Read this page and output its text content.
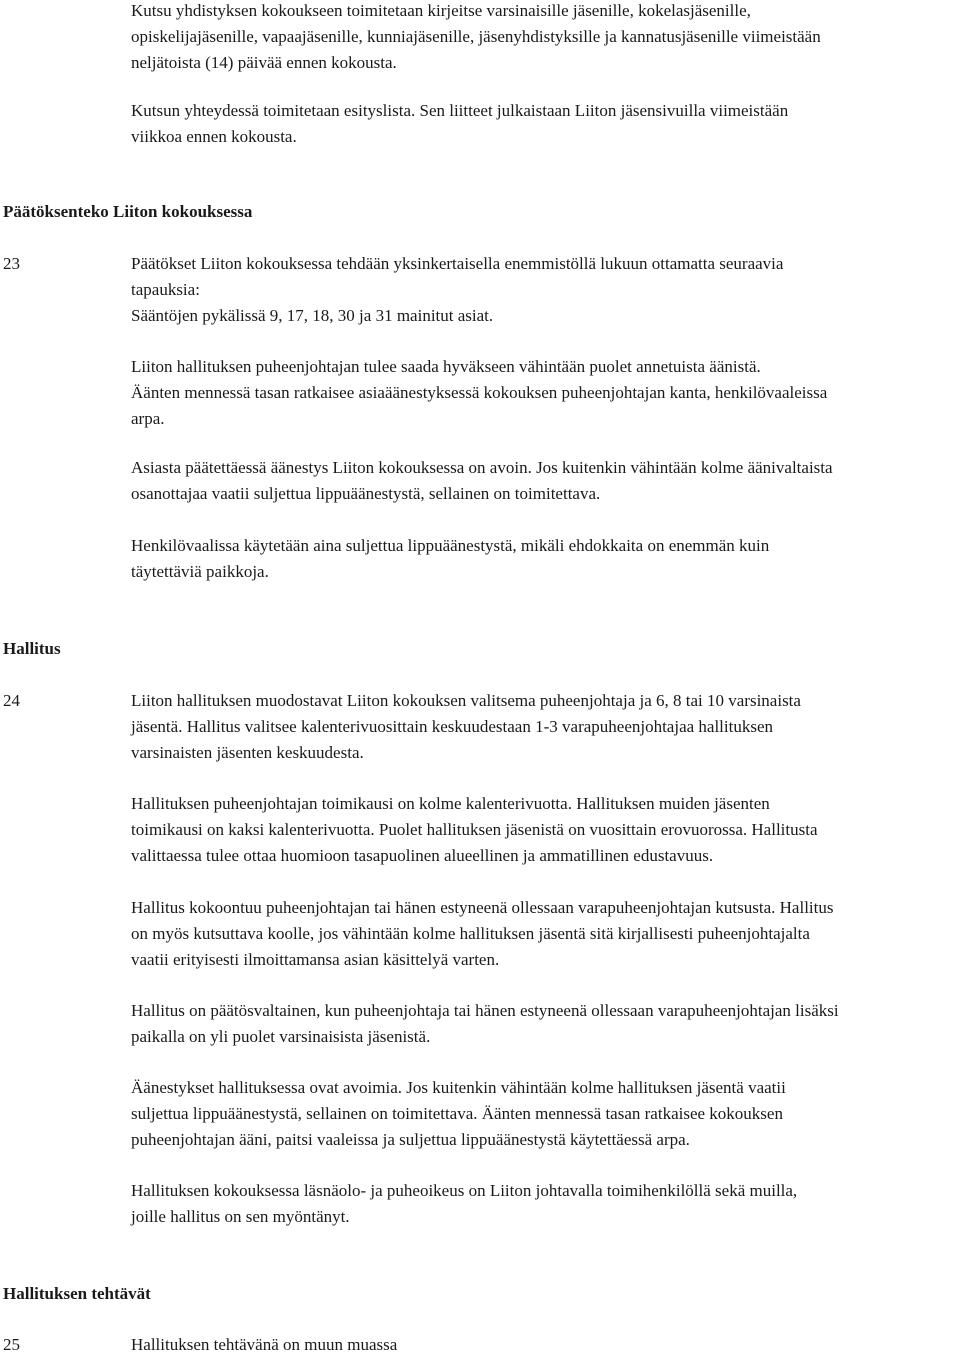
Kutsu yhdistyksen kokoukseen toimitetaan kirjeitse varsinaisille jäsenille, kokelasjäsenille,
opiskelijajäsenille, vapaajäsenille, kunniajäsenille, jäsenyhdistyksille ja kannatusjäsenille viimeistään
neljätoista (14) päivää ennen kokousta.
Kutsun yhteydessä toimitetaan esityslista. Sen liitteet julkaistaan Liiton jäsensivuilla viimeistään
viikkoa ennen kokousta.
Päätöksenteko Liiton kokouksessa
23	Päätökset Liiton kokouksessa tehdään yksinkertaisella enemmistöllä lukuun ottamatta seuraavia
tapauksia:
Sääntöjen pykälissä 9, 17, 18, 30 ja 31 mainitut asiat.
Liiton hallituksen puheenjohtajan tulee saada hyväkseen vähintään puolet annetuista äänistä.
Äänten mennessä tasan ratkaisee asiaäänestyksessä kokouksen puheenjohtajan kanta, henkilövaaleissa
arpa.
Asiasta päätettäessä äänestys Liiton kokouksessa on avoin. Jos kuitenkin vähintään kolme äänivaltaista
osanottajaa vaatii suljettua lippuäänestystä, sellainen on toimitettava.
Henkilövaalissa käytetään aina suljettua lippuäänestystä, mikäli ehdokkaita on enemmän kuin
täytettäviä paikkoja.
Hallitus
24	Liiton hallituksen muodostavat Liiton kokouksen valitsema puheenjohtaja ja 6, 8 tai 10 varsinaista
jäsentä. Hallitus valitsee kalenterivuosittain keskuudestaan 1-3 varapuheenjohtajaa hallituksen
varsinaisten jäsenten keskuudesta.
Hallituksen puheenjohtajan toimikausi on kolme kalenterivuotta. Hallituksen muiden jäsenten
toimikausi on kaksi kalenterivuotta. Puolet hallituksen jäsenistä on vuosittain erovuorossa. Hallitusta
valittaessa tulee ottaa huomioon tasapuolinen alueellinen ja ammatillinen edustavuus.
Hallitus kokoontuu puheenjohtajan tai hänen estyneenä ollessaan varapuheenjohtajan kutsusta. Hallitus
on myös kutsuttava koolle, jos vähintään kolme hallituksen jäsentä sitä kirjallisesti puheenjohtajalta
vaatii erityisesti ilmoittamansa asian käsittelyä varten.
Hallitus on päätösvaltainen, kun puheenjohtaja tai hänen estyneenä ollessaan varapuheenjohtajan lisäksi
paikalla on yli puolet varsinaisista jäsenistä.
Äänestykset hallituksessa ovat avoimia. Jos kuitenkin vähintään kolme hallituksen jäsentä vaatii
suljettua lippuäänestystä, sellainen on toimitettava. Äänten mennessä tasan ratkaisee kokouksen
puheenjohtajan ääni, paitsi vaaleissa ja suljettua lippuäänestystä käytettäessä arpa.
Hallituksen kokouksessa läsnäolo- ja puheoikeus on Liiton johtavalla toimihenkilöllä sekä muilla,
joille hallitus on sen myöntänyt.
Hallituksen tehtävät
25	Hallituksen tehtävänä on muun muassa
